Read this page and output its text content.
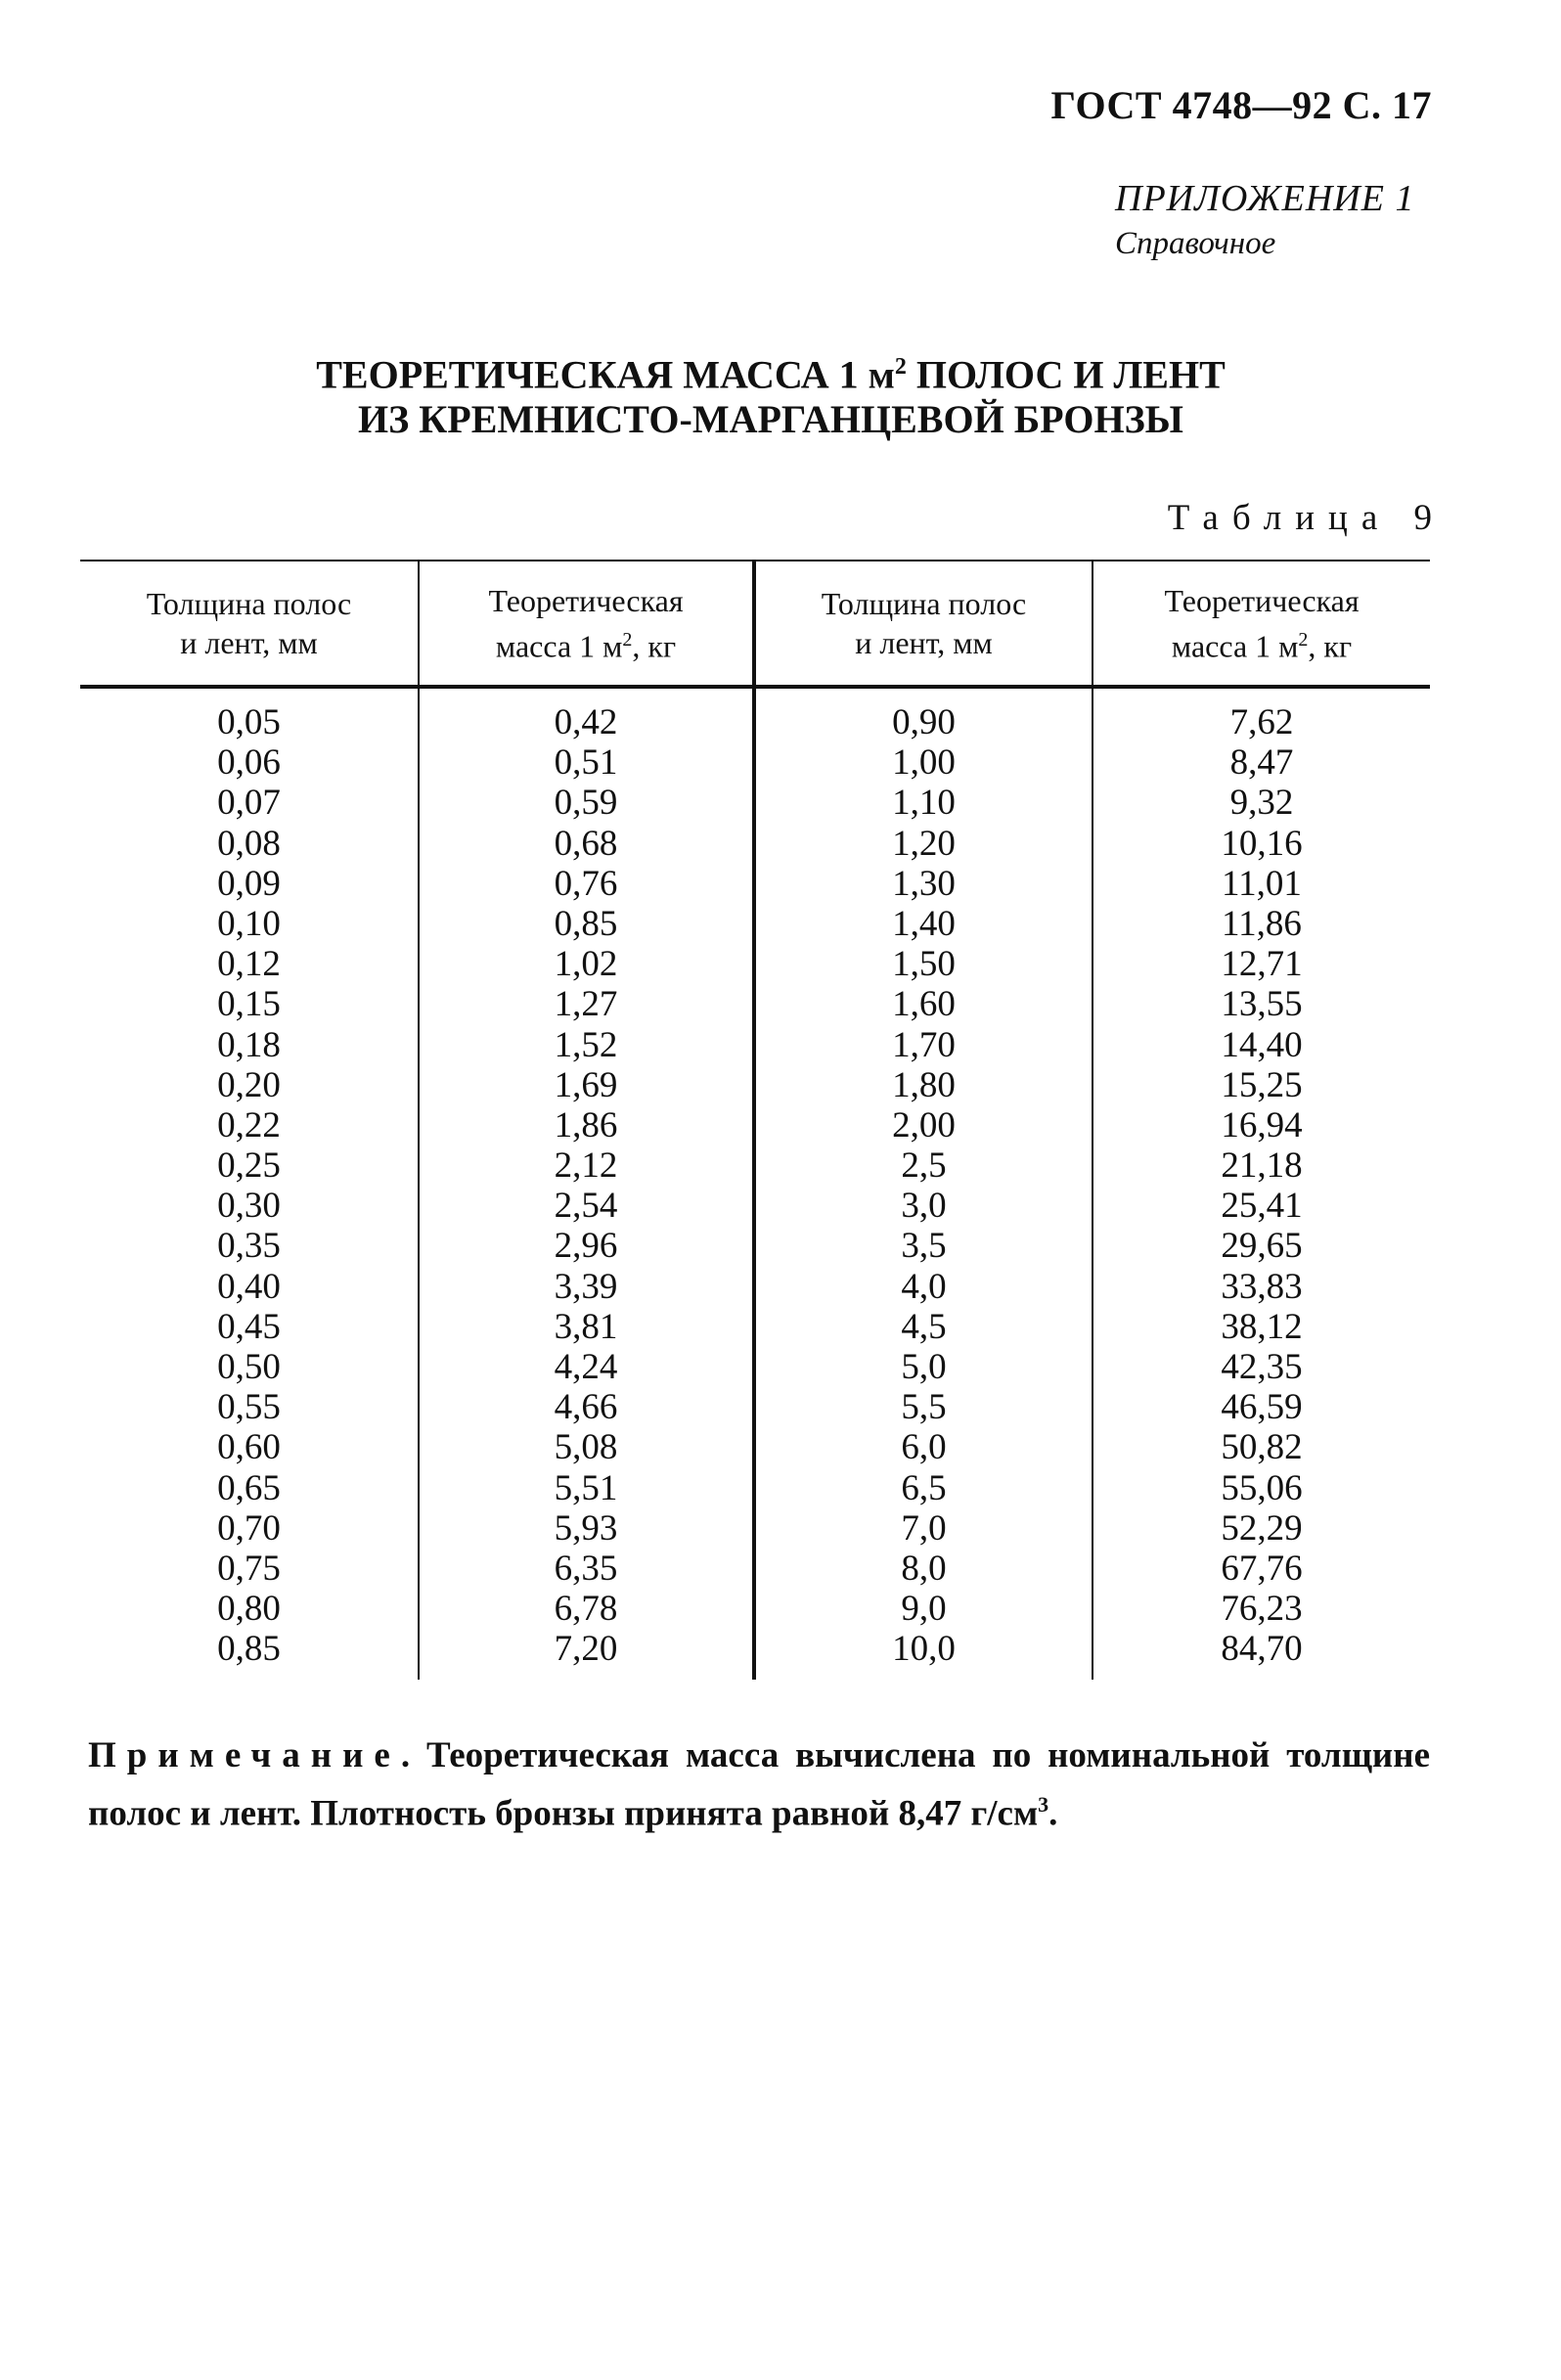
ГОСТ 4748—92 С. 17
ПРИЛОЖЕНИЕ 1
Справочное
ТЕОРЕТИЧЕСКАЯ МАССА 1 $м^2$ ПОЛОС И ЛЕНТ
ИЗ КРЕМНИСТО-МАРГАНЦЕВОЙ БРОНЗЫ
Таблица 9
Толщина полос
и лент, мм
Теоретическая
масса 1 $м^2$, кг
Толщина полос
и лент, мм
Теоретическая
масса 1 $м^2$, кг
0,05
0,06
0,07
0,08
0,09
0,10
0,12
0,15
0,18
0,20
0,22
0,25
0,30
0,35
0,40
0,45
0,50
0,55
0,60
0,65
0,70
0,75
0,80
0,85
0,42
0,51
0,59
0,68
0,76
0,85
1,02
1,27
1,52
1,69
1,86
2,12
2,54
2,96
3,39
3,81
4,24
4,66
5,08
5,51
5,93
6,35
6,78
7,20
0,90
1,00
1,10
1,20
1,30
1,40
1,50
1,60
1,70
1,80
2,00
2,5
3,0
3,5
4,0
4,5
5,0
5,5
6,0
6,5
7,0
8,0
9,0
10,0
7,62
8,47
9,32
10,16
11,01
11,86
12,71
13,55
14,40
15,25
16,94
21,18
25,41
29,65
33,83
38,12
42,35
46,59
50,82
55,06
52,29
67,76
76,23
84,70
Примечание. Теоретическая масса вычислена по номинальной толщине полос и лент. Плотность бронзы принята равной 8,47 $г/см^3$.
